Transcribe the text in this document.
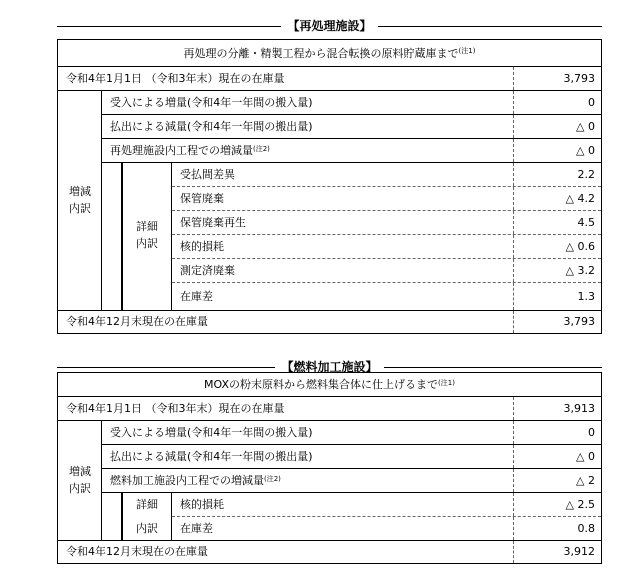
【再処理施設】
再処理の分離・精製工程から混合転換の原料貯蔵庫まで$^{(注1)}$
令和4年1月1日 （令和3年末）現在の在庫量	3,793
増減
内訳
受入による増量(令和4年一年間の搬入量)	0
払出による減量(令和4年一年間の搬出量)	△ 0
再処理施設内工程での増減量$^{(注2)}$	△ 0
詳細
内訳
受払間差異	2.2
保管廃棄	△ 4.2
保管廃棄再生	4.5
核的損耗	△ 0.6
測定済廃棄	△ 3.2
在庫差	1.3
令和4年12月末現在の在庫量	3,793
【燃料加工施設】
MOXの粉末原料から燃料集合体に仕上げるまで$^{(注1)}$
令和4年1月1日 （令和3年末）現在の在庫量	3,913
増減
内訳
受入による増量(令和4年一年間の搬入量)	0
払出による減量(令和4年一年間の搬出量)	△ 0
燃料加工施設内工程での増減量$^{(注2)}$	△ 2
詳細
内訳
核的損耗	△ 2.5
在庫差	0.8
令和4年12月末現在の在庫量	3,912
